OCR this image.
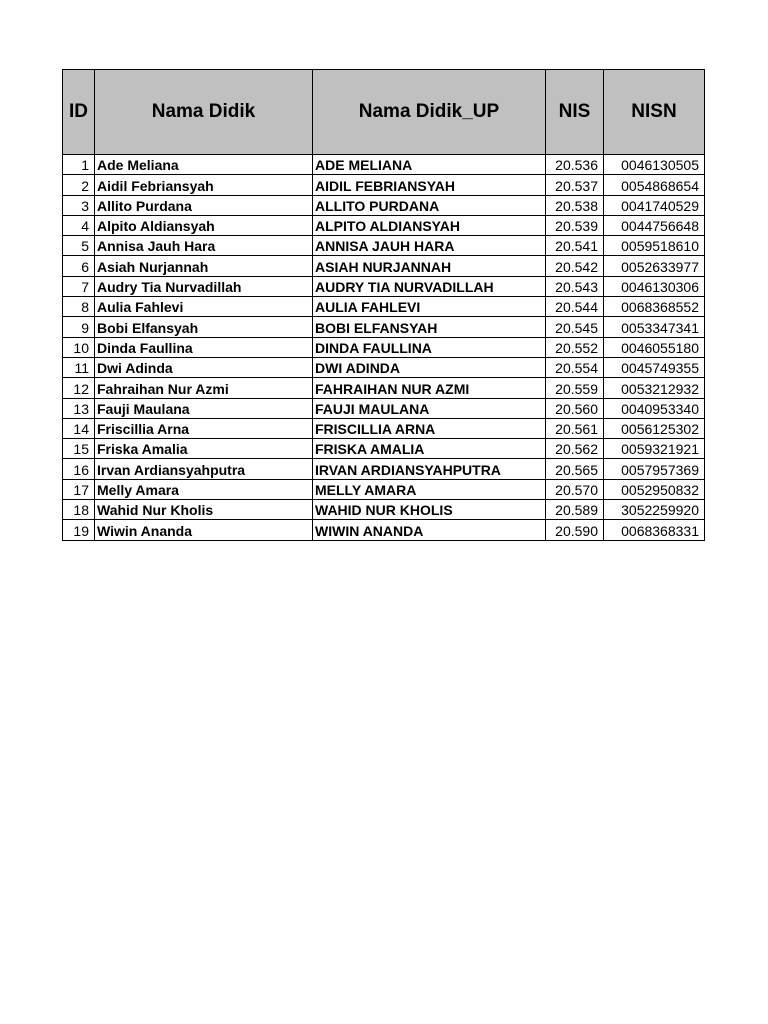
ID	Nama Didik	Nama Didik_UP	NIS	NISN
1	Ade Meliana	ADE MELIANA	20.536	0046130505
2	Aidil Febriansyah	AIDIL FEBRIANSYAH	20.537	0054868654
3	Allito Purdana	ALLITO PURDANA	20.538	0041740529
4	Alpito Aldiansyah	ALPITO ALDIANSYAH	20.539	0044756648
5	Annisa Jauh Hara	ANNISA JAUH HARA	20.541	0059518610
6	Asiah Nurjannah	ASIAH NURJANNAH	20.542	0052633977
7	Audry Tia Nurvadillah	AUDRY TIA NURVADILLAH	20.543	0046130306
8	Aulia Fahlevi	AULIA FAHLEVI	20.544	0068368552
9	Bobi Elfansyah	BOBI ELFANSYAH	20.545	0053347341
10	Dinda Faullina	DINDA FAULLINA	20.552	0046055180
11	Dwi Adinda	DWI ADINDA	20.554	0045749355
12	Fahraihan Nur Azmi	FAHRAIHAN NUR AZMI	20.559	0053212932
13	Fauji Maulana	FAUJI MAULANA	20.560	0040953340
14	Friscillia Arna	FRISCILLIA ARNA	20.561	0056125302
15	Friska Amalia	FRISKA AMALIA	20.562	0059321921
16	Irvan Ardiansyahputra	IRVAN ARDIANSYAHPUTRA	20.565	0057957369
17	Melly Amara	MELLY AMARA	20.570	0052950832
18	Wahid Nur Kholis	WAHID NUR KHOLIS	20.589	3052259920
19	Wiwin Ananda	WIWIN ANANDA	20.590	0068368331
